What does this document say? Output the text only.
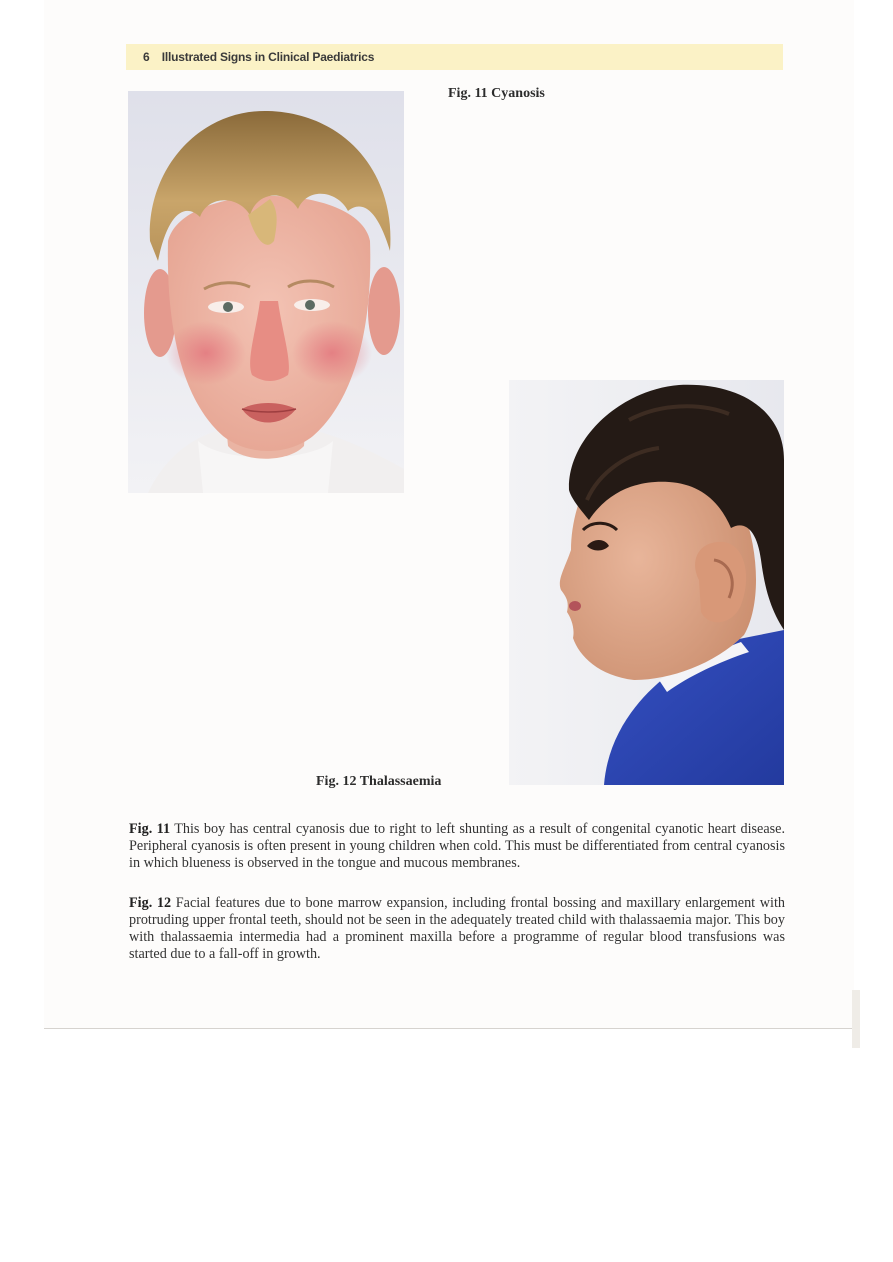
6 Illustrated Signs in Clinical Paediatrics
Fig. 11 Cyanosis
Fig. 12 Thalassaemia

Fig. 11 This boy has central cyanosis due to right to left shunting as a result of congenital cyanotic heart disease. Peripheral cyanosis is often present in young children when cold. This must be differentiated from central cyanosis in which blueness is observed in the tongue and mucous membranes.

Fig. 12 Facial features due to bone marrow expansion, including frontal bossing and maxillary enlargement with protruding upper frontal teeth, should not be seen in the adequately treated child with thalassaemia major. This boy with thalassaemia intermedia had a prominent maxilla before a programme of regular blood transfusions was started due to a fall-off in growth.
